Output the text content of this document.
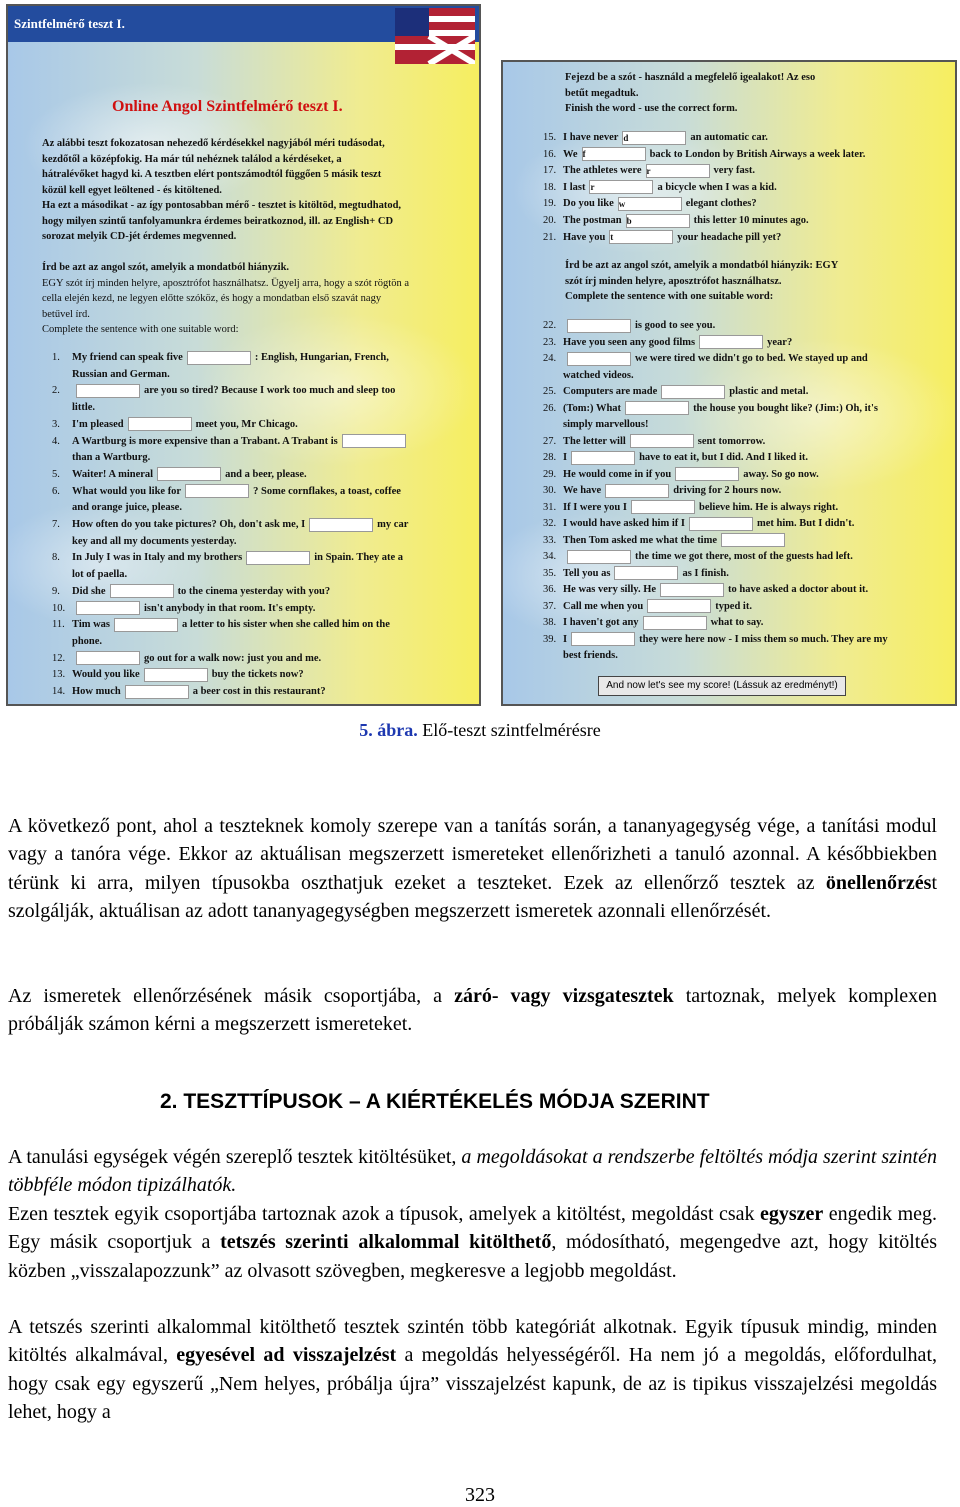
Szintfelmérő teszt I.
Online Angol Szintfelmérő teszt I.
Az alábbi teszt fokozatosan nehezedő kérdésekkel nagyjából méri tudásodat,
kezdőtől a középfokig. Ha már túl nehéznek találod a kérdéseket, a
hátralévőket hagyd ki. A tesztben elért pontszámodtól függően 5 másik teszt
közül kell egyet leöltened - és kitöltened.
Ha ezt a másodikat - az így pontosabban mérő - tesztet is kitöltöd, megtudhatod,
hogy milyen szintű tanfolyamunkra érdemes beiratkoznod, ill. az English+ CD
sorozat melyik CD-jét érdemes megvenned.
Írd be azt az angol szót, amelyik a mondatból hiányzik.
EGY szót írj minden helyre, aposztrófot használhatsz. Ügyelj arra, hogy a szót rögtön a
cella elején kezd, ne legyen előtte szóköz, és hogy a mondatban első szavát nagy
betűvel írd.
Complete the sentence with one suitable word:
1. My friend can speak five	: English, Hungarian, French,
Russian and German.
2.	are you so tired? Because I work too much and sleep too
little.
3. I'm pleased	meet you, Mr Chicago.
4. A Wartburg is more expensive than a Trabant. A Trabant is
than a Wartburg.
5. Waiter! A mineral	and a beer, please.
6. What would you like for	? Some cornflakes, a toast, coffee
and orange juice, please.
7. How often do you take pictures? Oh, don't ask me, I	my car
key and all my documents yesterday.
8. In July I was in Italy and my brothers	in Spain. They ate a
lot of paella.
9. Did she	to the cinema yesterday with you?
10.	isn't anybody in that room. It's empty.
11. Tim was	a letter to his sister when she called him on the
phone.
12.	go out for a walk now: just you and me.
13. Would you like	buy the tickets now?
14. How much	a beer cost in this restaurant?
Fejezd be a szót - használd a megfelelő igealakot! Az eso
betűt megadtuk.
Finish the word - use the correct form.
15. I have never d	an automatic car.
16. We f	back to London by British Airways a week later.
17. The athletes were r	very fast.
18. I last r	a bicycle when I was a kid.
19. Do you like w	elegant clothes?
20. The postman b	this letter 10 minutes ago.
21. Have you t	your headache pill yet?
Írd be azt az angol szót, amelyik a mondatból hiányzik: EGY
szót írj minden helyre, aposztrófot használhatsz.
Complete the sentence with one suitable word:
22.	is good to see you.
23. Have you seen any good films	year?
24.	we were tired we didn't go to bed. We stayed up and
watched videos.
25. Computers are made	plastic and metal.
26. (Tom:) What	the house you bought like? (Jim:) Oh, it's
simply marvellous!
27. The letter will	sent tomorrow.
28. I	have to eat it, but I did. And I liked it.
29. He would come in if you	away. So go now.
30. We have	driving for 2 hours now.
31. If I were you I	believe him. He is always right.
32. I would have asked him if I	met him. But I didn't.
33. Then Tom asked me what the time
34.	the time we got there, most of the guests had left.
35. Tell you as	as I finish.
36. He was very silly. He	to have asked a doctor about it.
37. Call me when you	typed it.
38. I haven't got any	what to say.
39. I	they were here now - I miss them so much. They are my
best friends.
And now let's see my score! (Lássuk az eredményt!)
5. ábra. Elő-teszt szintfelmérésre
A következő pont, ahol a teszteknek komoly szerepe van a tanítás során, a tananyagegység vége, a tanítási modul vagy a tanóra vége. Ekkor az aktuálisan megszerzett ismereteket ellenőrizheti a tanuló azonnal. A későbbiekben térünk ki arra, milyen típusokba oszthatjuk ezeket a teszteket. Ezek az ellenőrző tesztek az önellenőrzést szolgálják, aktuálisan az adott tananyagegységben megszerzett ismeretek azonnali ellenőrzését.
Az ismeretek ellenőrzésének másik csoportjába, a záró- vagy vizsgatesztek tartoznak, melyek komplexen próbálják számon kérni a megszerzett ismereteket.
2. TESZTTÍPUSOK – A KIÉRTÉKELÉS MÓDJA SZERINT
A tanulási egységek végén szereplő tesztek kitöltésüket, a megoldásokat a rendszerbe feltöltés módja szerint szintén többféle módon tipizálhatók.
Ezen tesztek egyik csoportjába tartoznak azok a típusok, amelyek a kitöltést, megoldást csak egyszer engedik meg. Egy másik csoportjuk a tetszés szerinti alkalommal kitölthető, módosítható, megengedve azt, hogy kitöltés közben „visszalapozzunk” az olvasott szövegben, megkeresve a legjobb megoldást.
A tetszés szerinti alkalommal kitölthető tesztek szintén több kategóriát alkotnak. Egyik típusuk mindig, minden kitöltés alkalmával, egyesével ad visszajelzést a megoldás helyességéről. Ha nem jó a megoldás, előfordulhat, hogy csak egy egyszerű „Nem helyes, próbálja újra” visszajelzést kapunk, de az is tipikus visszajelzési megoldás lehet, hogy a
323
